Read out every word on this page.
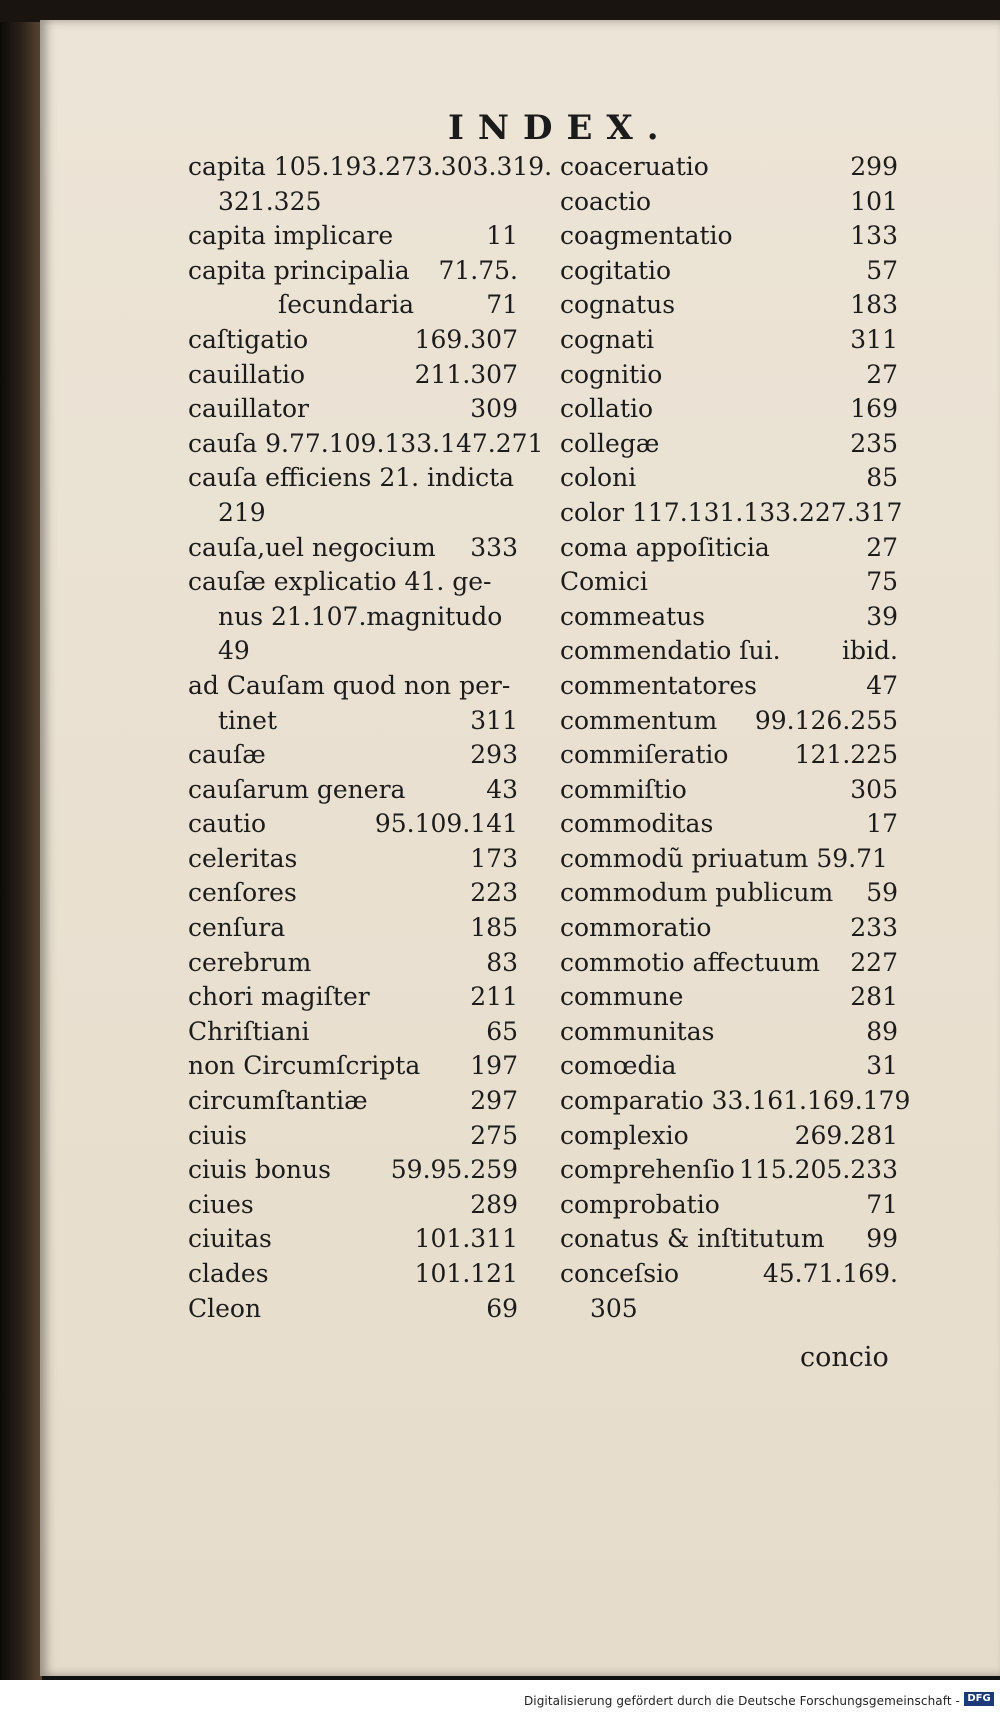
INDEX.
capita 105.193.273.303.319.
321.325
capita implicare	11
capita principalia 71.75.
ſecundaria	71
caſtigatio	169.307
cauillatio	211.307
cauillator	309
cauſa 9.77.109.133.147.271
cauſa efficiens 21. indicta
219
cauſa,uel negocium 333
cauſæ explicatio 41. ge-
nus 21.107.magnitudo
49
ad Cauſam quod non per-
tinet	311
cauſæ	293
cauſarum genera	43
cautio	95.109.141
celeritas	173
cenſores	223
cenſura	185
cerebrum	83
chori magiſter	211
Chriſtiani	65
non Circumſcripta 197
circumſtantiæ	297
ciuis	275
ciuis bonus 59.95.259
ciues	289
ciuitas	101.311
clades	101.121
Cleon	69
coaceruatio	299
coactio	101
coagmentatio	133
cogitatio	57
cognatus	183
cognati	311
cognitio	27
collatio	169
collegæ	235
coloni	85
color 117.131.133.227.317
coma appoſiticia	27
Comici	75
commeatus	39
commendatio ſui. ibid.
commentatores	47
commentum 99.126.255
commiſeratio	121.225
commiſtio	305
commoditas	17
commodũ priuatum 59.71
commodum publicum 59
commoratio	233
commotio affectuum 227
commune	281
communitas	89
comœdia	31
comparatio 33.161.169.179
complexio	269.281
comprehenſio 115.205.233
comprobatio	71
conatus & inſtitutum 99
conceſsio	45.71.169.
305
concio
Digitalisierung gefördert durch die Deutsche Forschungsgemeinschaft - DFG
